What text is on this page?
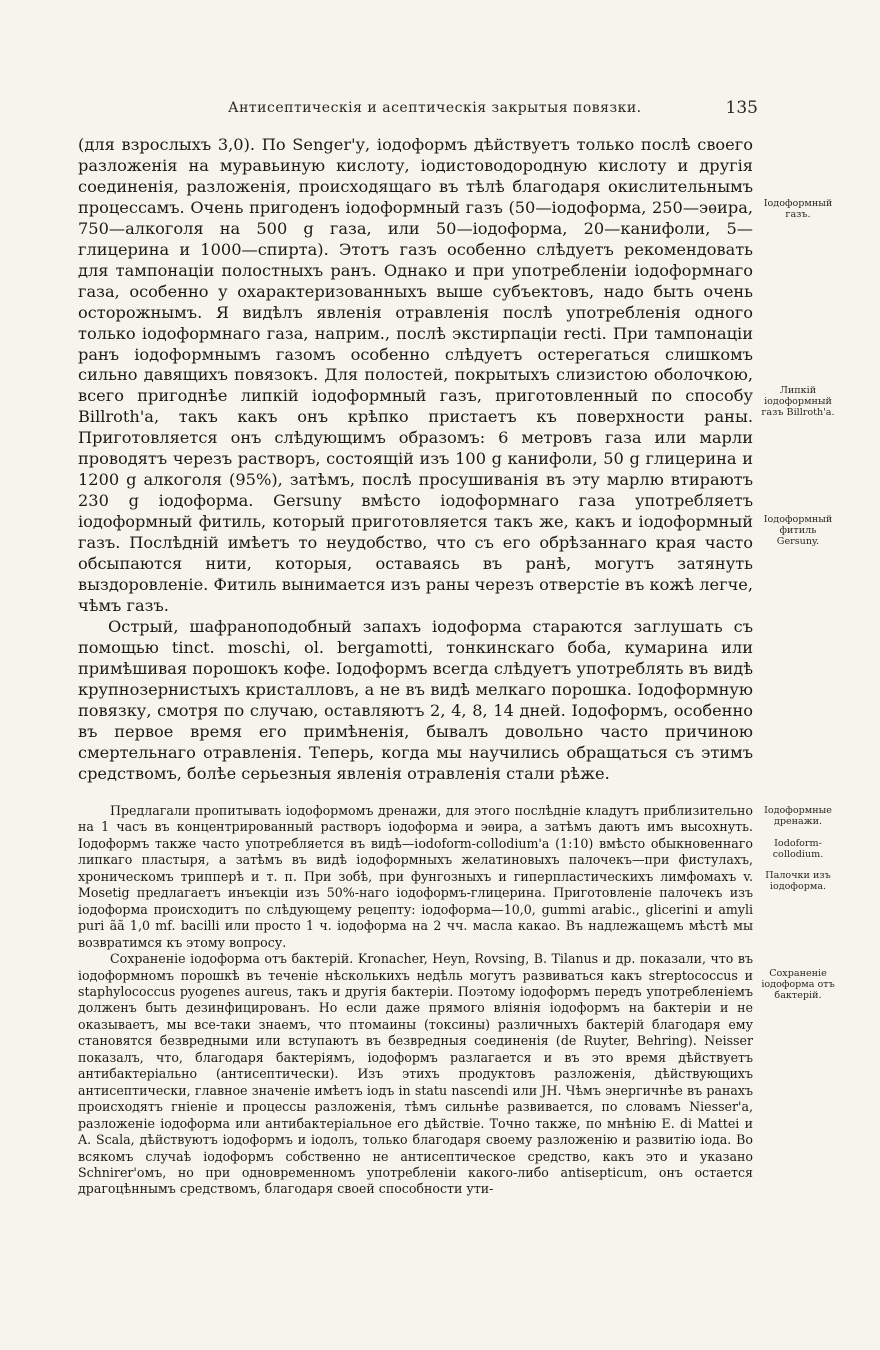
Антисептическія и асептическія закрытыя повязки.	135

(для взрослыхъ 3,0). По Senger'у, іодоформъ дѣйствуетъ только послѣ своего разложенія на муравьиную кислоту, іодистоводородную кислоту и другія соединенія, разложенія, происходящаго въ тѣлѣ благодаря окислительнымъ процессамъ. Очень пригоденъ іодоформный газъ (50—іодоформа, 250—эѳира, 750—алкоголя на 500 g газа, или 50—іодоформа, 20—канифоли, 5—глицерина и 1000—спирта). Этотъ газъ особенно слѣдуетъ рекомендовать для тампонаціи полостныхъ ранъ. Однако и при употребленіи іодоформнаго газа, особенно у охарактеризованныхъ выше субъектовъ, надо быть очень осторожнымъ. Я видѣлъ явленія отравленія послѣ употребленія одного только іодоформнаго газа, наприм., послѣ экстирпаціи recti. При тампонаціи ранъ іодоформнымъ газомъ особенно слѣдуетъ остерегаться слишкомъ сильно давящихъ повязокъ. Для полостей, покрытыхъ слизистою оболочкою, всего пригоднѣе липкій іодоформный газъ, приготовленный по способу Billroth'а, такъ какъ онъ крѣпко пристаетъ къ поверхности раны. Приготовляется онъ слѣдующимъ образомъ: 6 метровъ газа или марли проводятъ черезъ растворъ, состоящій изъ 100 g канифоли, 50 g глицерина и 1200 g алкоголя (95%), затѣмъ, послѣ просушиванія въ эту марлю втираютъ 230 g іодоформа. Gersuny вмѣсто іодоформнаго газа употребляетъ іодоформный фитиль, который приготовляется такъ же, какъ и іодоформный газъ. Послѣдній имѣетъ то неудобство, что съ его обрѣзаннаго края часто обсыпаются нити, которыя, оставаясь въ ранѣ, могутъ затянуть выздоровленіе. Фитиль вынимается изъ раны черезъ отверстіе въ кожѣ легче, чѣмъ газъ.

Острый, шафраноподобный запахъ іодоформа стараются заглушать съ помощью tinct. moschi, ol. bergamotti, тонкинскаго боба, кумарина или примѣшивая порошокъ кофе. Іодоформъ всегда слѣдуетъ употреблять въ видѣ крупнозернистыхъ кристалловъ, а не въ видѣ мелкаго порошка. Іодоформную повязку, смотря по случаю, оставляютъ 2, 4, 8, 14 дней. Іодоформъ, особенно въ первое время его примѣненія, бывалъ довольно часто причиною смертельнаго отравленія. Теперь, когда мы научились обращаться съ этимъ средствомъ, болѣе серьезныя явленія отравленія стали рѣже.

Предлагали пропитывать іодоформомъ дренажи, для этого послѣдніе кладутъ приблизительно на 1 часъ въ концентрированный растворъ іодоформа и эѳира, а затѣмъ даютъ имъ высохнуть. Іодоформъ также часто употребляется въ видѣ—iodoform-collodium'а (1:10) вмѣсто обыкновеннаго липкаго пластыря, а затѣмъ въ видѣ іодоформныхъ желатиновыхъ палочекъ—при фистулахъ, хроническомъ трипперѣ и т. п. При зобѣ, при фунгозныхъ и гиперпластическихъ лимфомахъ v. Mosetig предлагаетъ инъекціи изъ 50%-наго іодоформъ-глицерина. Приготовленіе палочекъ изъ іодоформа происходитъ по слѣдующему рецепту: іодоформа—10,0, gummi arabic., glicerini и amyli puri ãã 1,0 mf. bacilli или просто 1 ч. іодоформа на 2 чч. масла какао. Въ надлежащемъ мѣстѣ мы возвратимся къ этому вопросу.

Сохраненіе іодоформа отъ бактерій. Kronacher, Heyn, Rovsing, B. Tilanus и др. показали, что въ іодоформномъ порошкѣ въ теченіе нѣсколькихъ недѣль могутъ развиваться какъ streptococcus и staphylococcus pyogenes aureus, такъ и другія бактеріи. Поэтому іодоформъ передъ употребленіемъ долженъ быть дезинфицированъ. Но если даже прямого вліянія іодоформъ на бактеріи и не оказываетъ, мы все-таки знаемъ, что птомаины (токсины) различныхъ бактерій благодаря ему становятся безвредными или вступаютъ въ безвредныя соединенія (de Ruyter, Behring). Neisser показалъ, что, благодаря бактеріямъ, іодоформъ разлагается и въ это время дѣйствуетъ антибактеріально (антисептически). Изъ этихъ продуктовъ разложенія, дѣйствующихъ антисептически, главное значеніе имѣетъ іодъ in statu nascendi или JH. Чѣмъ энергичнѣе въ ранахъ происходятъ гніеніе и процессы разложенія, тѣмъ сильнѣе развивается, по словамъ Niesser'а, разложеніе іодоформа или антибактеріальное его дѣйствіе. Точно также, по мнѣнію E. di Mattei и A. Scala, дѣйствуютъ іодоформъ и іодолъ, только благодаря своему разложенію и развитію іода. Во всякомъ случаѣ іодоформъ собственно не антисептическое средство, какъ это и указано Schnirer'омъ, но при одновременномъ употребленіи какого-либо antisepticum, онъ остается драгоцѣннымъ средствомъ, благодаря своей способности ути-

Іодоформный газъ.
Липкій іодоформный газъ Billroth'а.
Іодоформный фитиль Gersuny.
Іодоформные дренажи.
Iodoform-collodium.
Палочки изъ іодоформа.
Сохраненіе іодоформа отъ бактерій.
